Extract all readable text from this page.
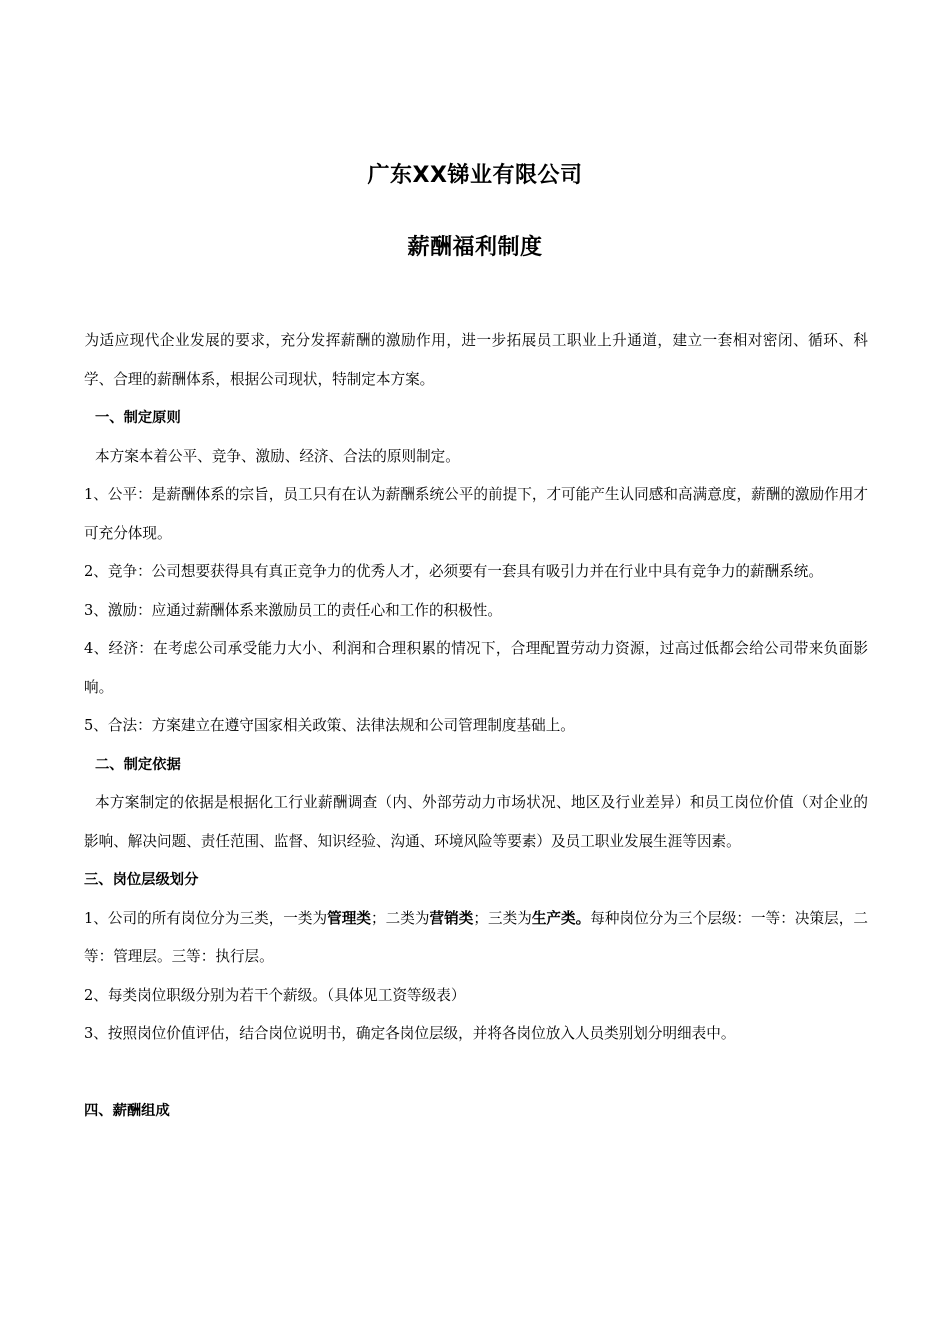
广东XX锑业有限公司
薪酬福利制度

为适应现代企业发展的要求，充分发挥薪酬的激励作用，进一步拓展员工职业上升通道，建立一套相对密闭、循环、科学、合理的薪酬体系，根据公司现状，特制定本方案。

一、制定原则

本方案本着公平、竞争、激励、经济、合法的原则制定。

1、公平：是薪酬体系的宗旨，员工只有在认为薪酬系统公平的前提下，才可能产生认同感和高满意度，薪酬的激励作用才可充分体现。

2、竞争：公司想要获得具有真正竞争力的优秀人才，必须要有一套具有吸引力并在行业中具有竞争力的薪酬系统。

3、激励：应通过薪酬体系来激励员工的责任心和工作的积极性。

4、经济：在考虑公司承受能力大小、利润和合理积累的情况下，合理配置劳动力资源，过高过低都会给公司带来负面影响。

5、合法：方案建立在遵守国家相关政策、法律法规和公司管理制度基础上。

二、制定依据

本方案制定的依据是根据化工行业薪酬调查（内、外部劳动力市场状况、地区及行业差异）和员工岗位价值（对企业的影响、解决问题、责任范围、监督、知识经验、沟通、环境风险等要素）及员工职业发展生涯等因素。

三、岗位层级划分

1、公司的所有岗位分为三类，一类为管理类；二类为营销类；三类为生产类。每种岗位分为三个层级：一等：决策层，二等：管理层。三等：执行层。

2、每类岗位职级分别为若干个薪级。（具体见工资等级表）

3、按照岗位价值评估，结合岗位说明书，确定各岗位层级，并将各岗位放入人员类别划分明细表中。

四、薪酬组成
